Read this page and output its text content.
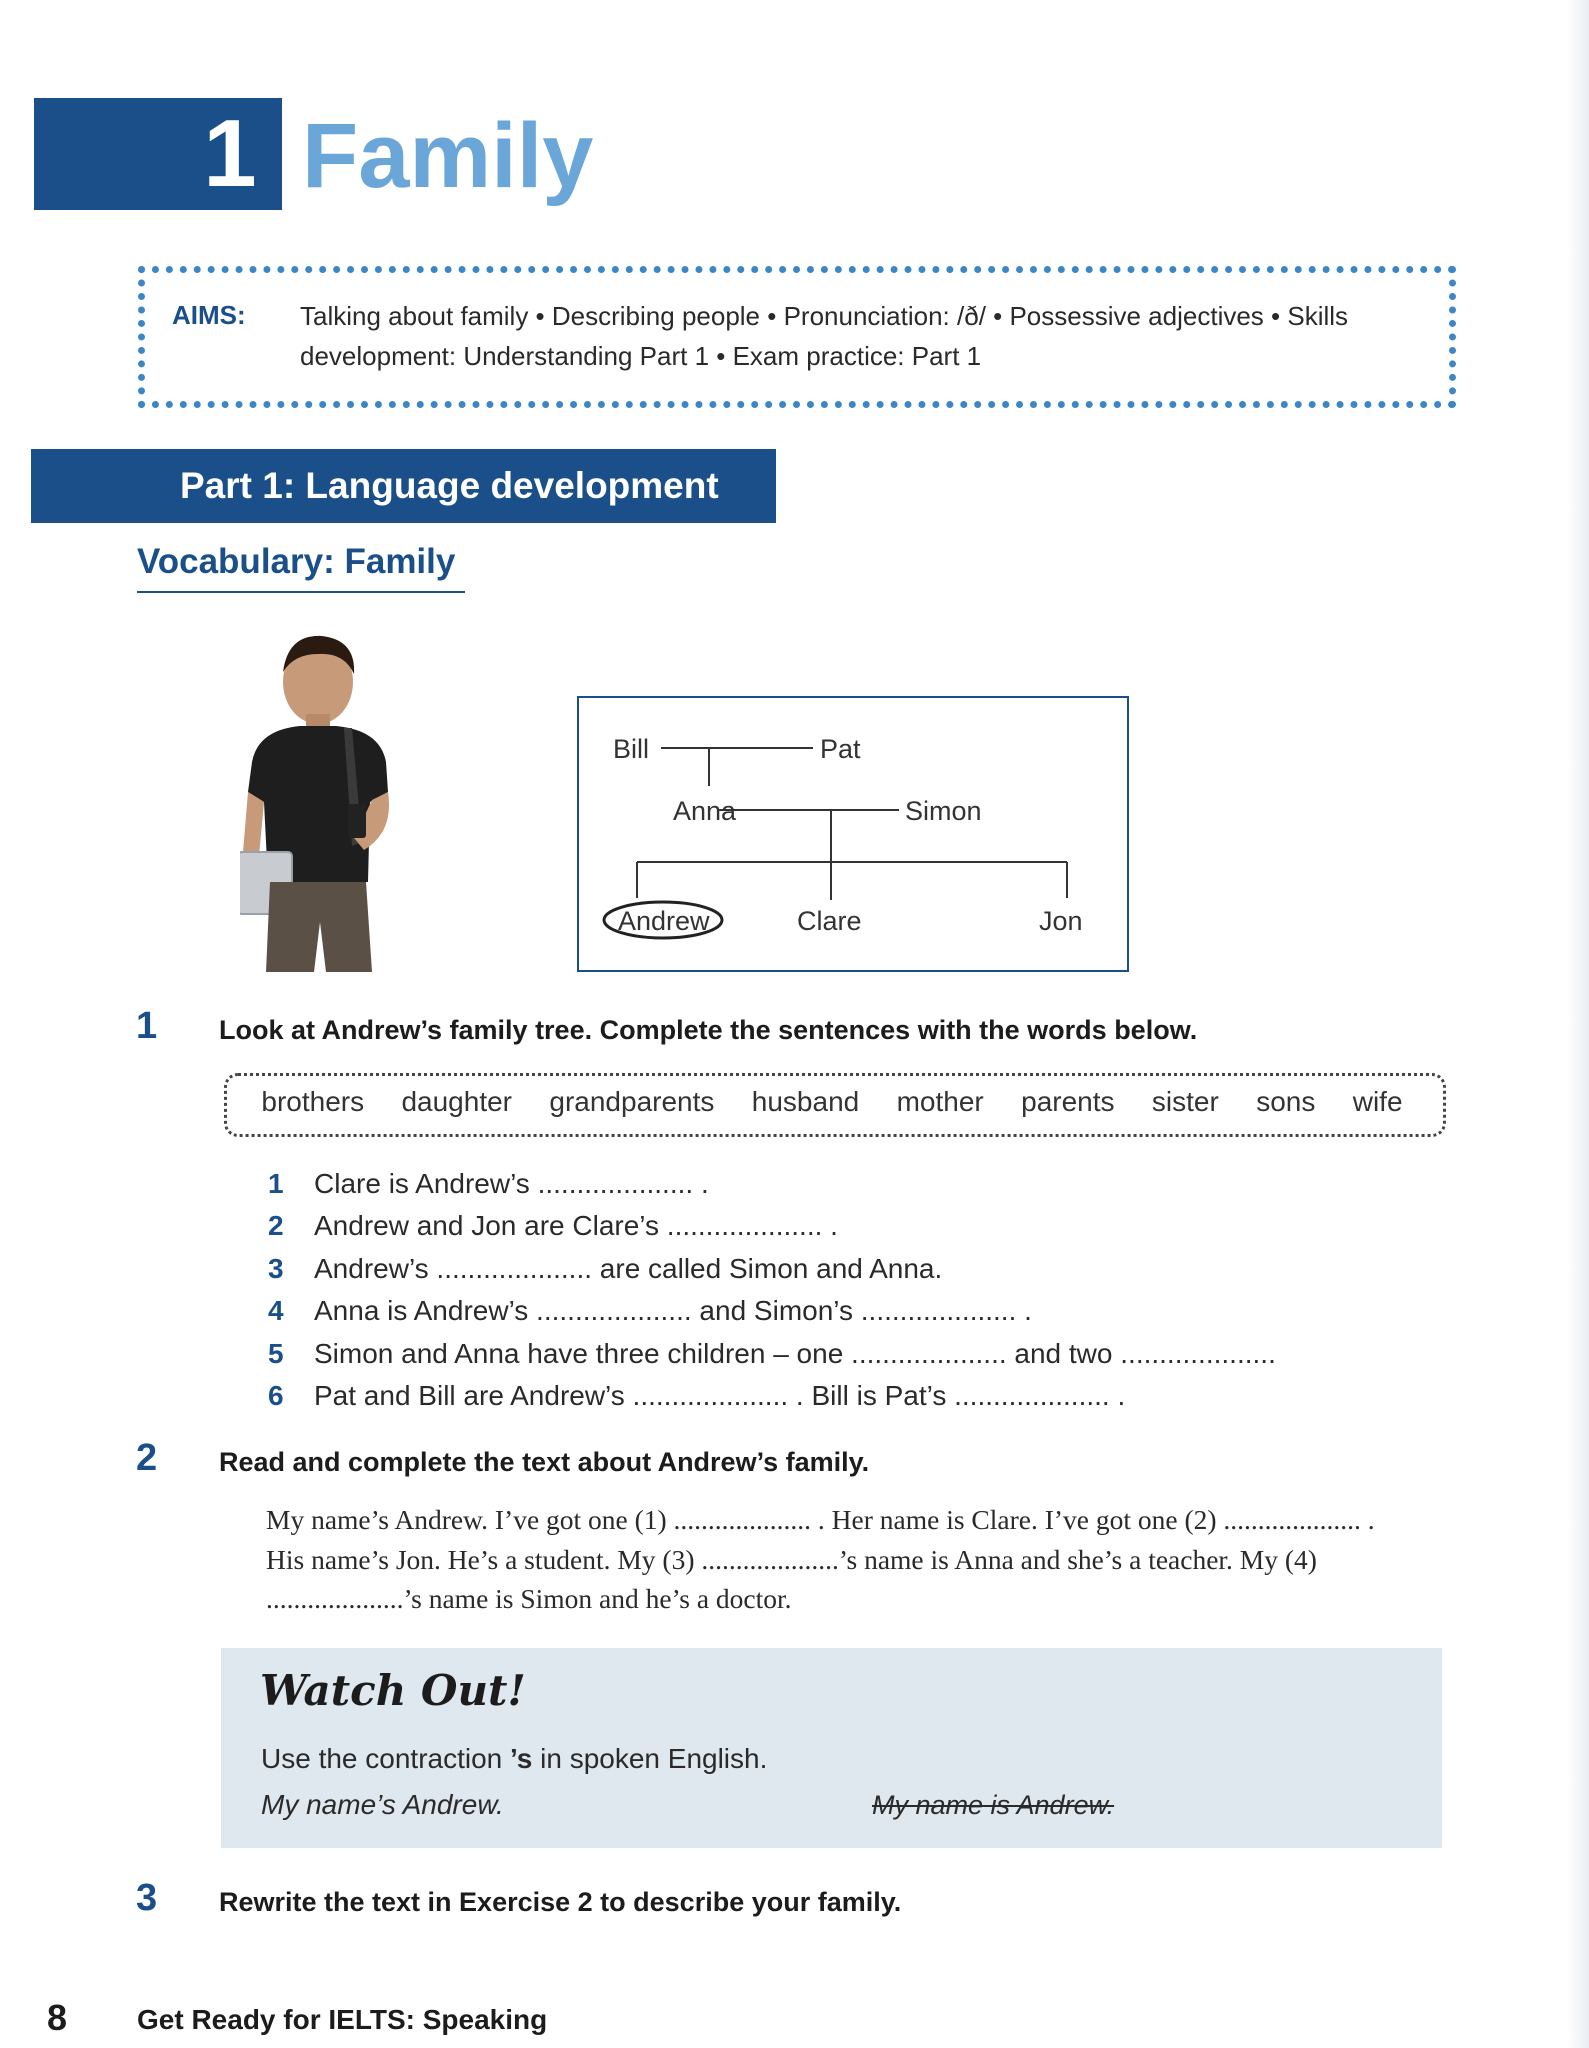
1 Family
AIMS: Talking about family • Describing people • Pronunciation: /ð/ • Possessive adjectives • Skills development: Understanding Part 1 • Exam practice: Part 1
Part 1: Language development
Vocabulary: Family
Bill	Pat
Anna	Simon
Andrew	Clare	Jon
1 Look at Andrew’s family tree. Complete the sentences with the words below.
brothers daughter grandparents husband mother parents sister sons wife
1	Clare is Andrew’s .................... .
2	Andrew and Jon are Clare’s .................... .
3	Andrew’s .................... are called Simon and Anna.
4	Anna is Andrew’s .................... and Simon’s .................... .
5	Simon and Anna have three children – one .................... and two ....................
6	Pat and Bill are Andrew’s .................... . Bill is Pat’s .................... .
2 Read and complete the text about Andrew’s family.

My name’s Andrew. I’ve got one (1) .................... . Her name is Clare. I’ve got one (2) .................... . His name’s Jon. He’s a student. My (3) ....................’s name is Anna and she’s a teacher. My (4) ....................’s name is Simon and he’s a doctor.

Watch Out!
Use the contraction ’s in spoken English.
My name’s Andrew.	My name is Andrew.
3 Rewrite the text in Exercise 2 to describe your family.
8 Get Ready for IELTS: Speaking
